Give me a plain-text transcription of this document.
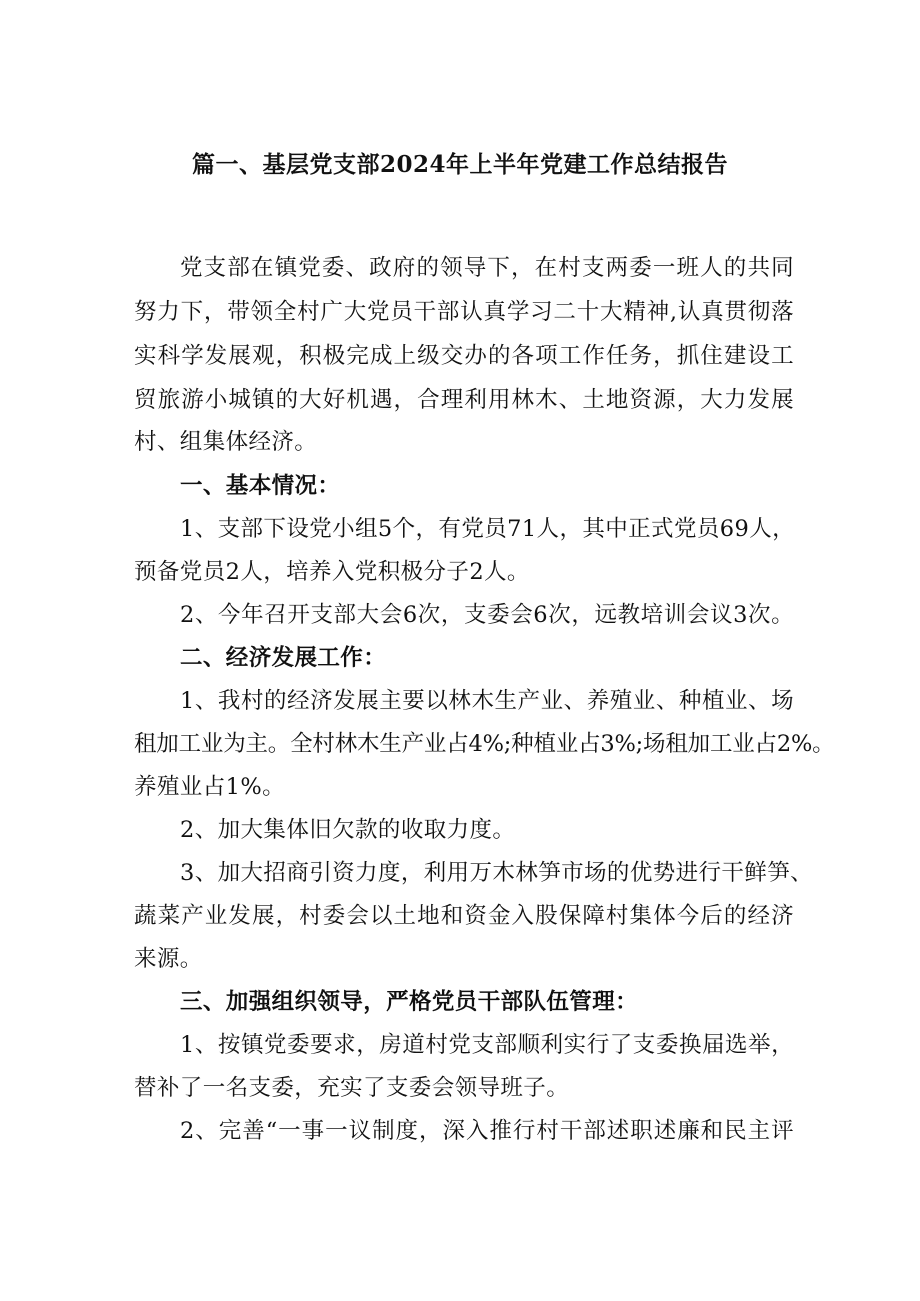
篇一、基层党支部2024年上半年党建工作总结报告
党支部在镇党委、政府的领导下，在村支两委一班人的共同
努力下，带领全村广大党员干部认真学习二十大精神,认真贯彻落
实科学发展观，积极完成上级交办的各项工作任务，抓住建设工
贸旅游小城镇的大好机遇，合理利用林木、土地资源，大力发展
村、组集体经济。
一、基本情况：
1、支部下设党小组5个，有党员71人，其中正式党员69人，
预备党员2人，培养入党积极分子2人。
2、今年召开支部大会6次，支委会6次，远教培训会议3次。
二、经济发展工作：
1、我村的经济发展主要以林木生产业、养殖业、种植业、场
租加工业为主。全村林木生产业占4%;种植业占3%;场租加工业占2%。
养殖业占1%。
2、加大集体旧欠款的收取力度。
3、加大招商引资力度，利用万木林笋市场的优势进行干鲜笋、
蔬菜产业发展，村委会以土地和资金入股保障村集体今后的经济
来源。
三、加强组织领导，严格党员干部队伍管理：
1、按镇党委要求，房道村党支部顺利实行了支委换届选举，
替补了一名支委，充实了支委会领导班子。
2、完善“一事一议制度，深入推行村干部述职述廉和民主评
